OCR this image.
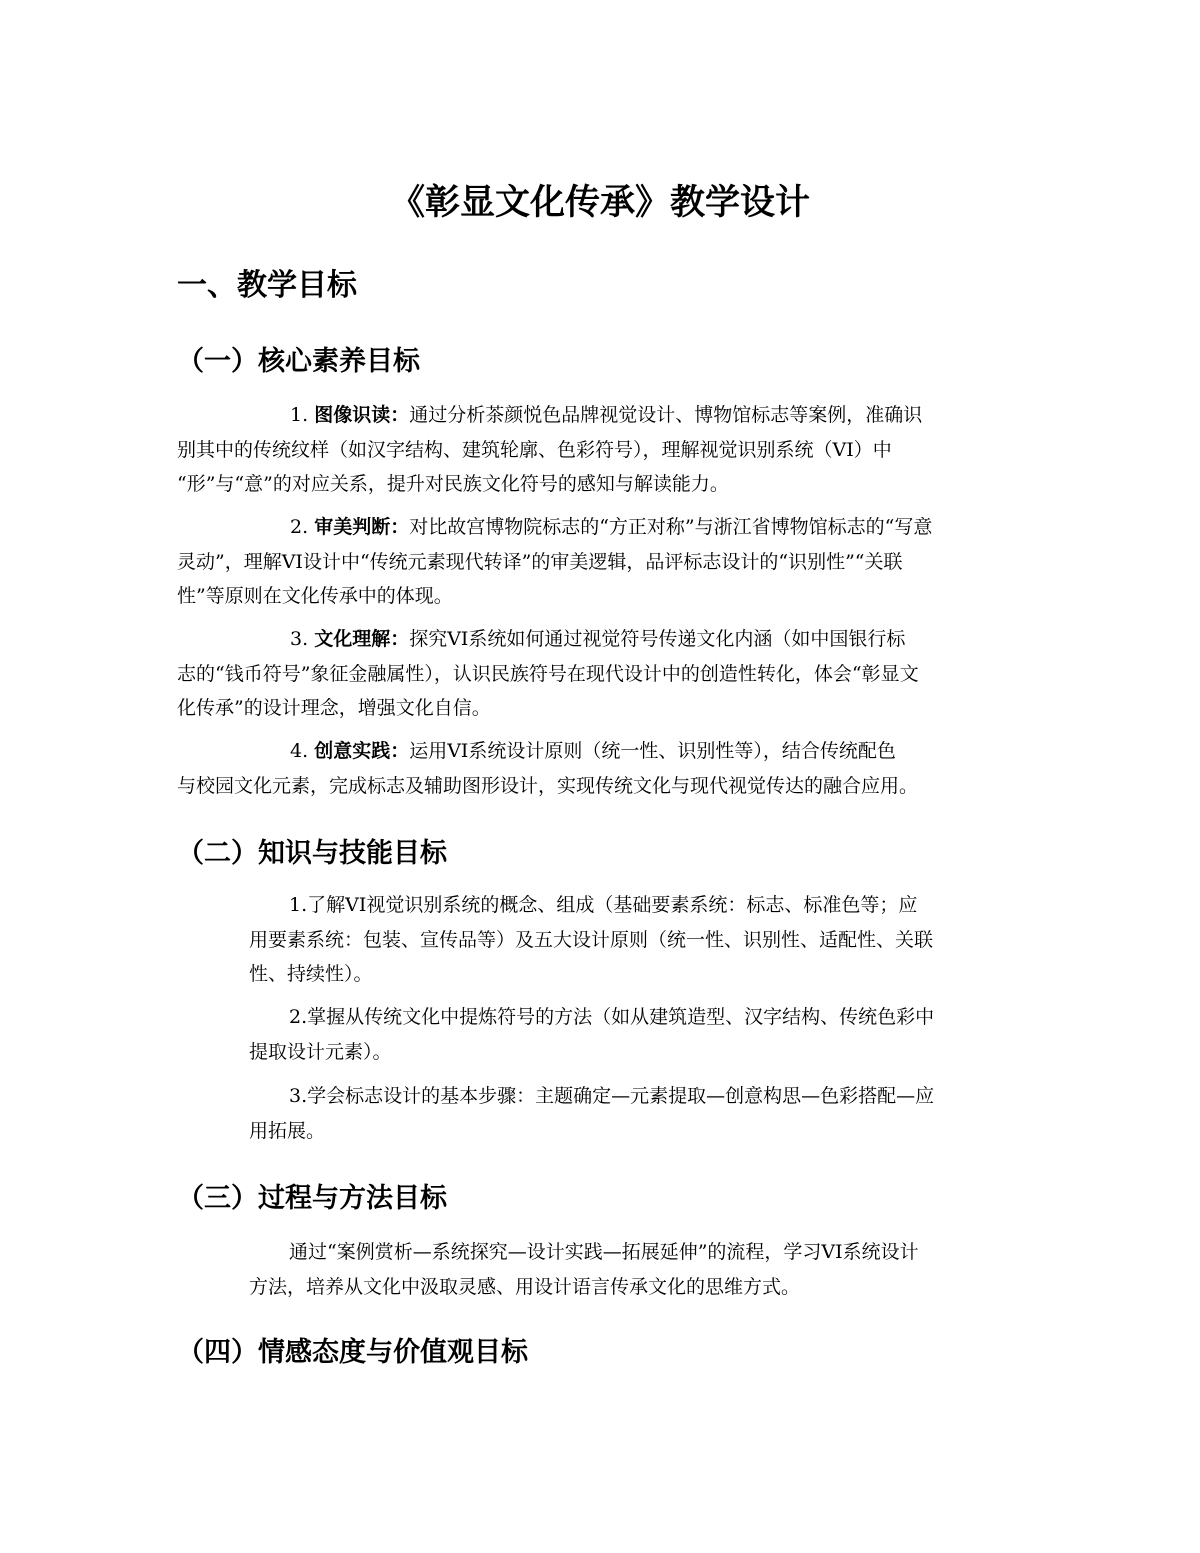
《彰显文化传承》教学设计
一、教学目标
（一）核心素养目标
1. 图像识读：通过分析茶颜悦色品牌视觉设计、博物馆标志等案例，准确识
别其中的传统纹样（如汉字结构、建筑轮廓、色彩符号），理解视觉识别系统（VI）中
“形”与“意”的对应关系，提升对民族文化符号的感知与解读能力。
2. 审美判断：对比故宫博物院标志的“方正对称”与浙江省博物馆标志的“写意
灵动”，理解VI设计中“传统元素现代转译”的审美逻辑，品评标志设计的“识别性”“关联
性”等原则在文化传承中的体现。
3. 文化理解：探究VI系统如何通过视觉符号传递文化内涵（如中国银行标
志的“钱币符号”象征金融属性），认识民族符号在现代设计中的创造性转化，体会“彰显文
化传承”的设计理念，增强文化自信。
4. 创意实践：运用VI系统设计原则（统一性、识别性等），结合传统配色
与校园文化元素，完成标志及辅助图形设计，实现传统文化与现代视觉传达的融合应用。
（二）知识与技能目标
1.了解VI视觉识别系统的概念、组成（基础要素系统：标志、标准色等；应
用要素系统：包装、宣传品等）及五大设计原则（统一性、识别性、适配性、关联
性、持续性）。
2.掌握从传统文化中提炼符号的方法（如从建筑造型、汉字结构、传统色彩中
提取设计元素）。
3.学会标志设计的基本步骤：主题确定—元素提取—创意构思—色彩搭配—应
用拓展。
（三）过程与方法目标
通过“案例赏析—系统探究—设计实践—拓展延伸”的流程，学习VI系统设计
方法，培养从文化中汲取灵感、用设计语言传承文化的思维方式。
（四）情感态度与价值观目标
